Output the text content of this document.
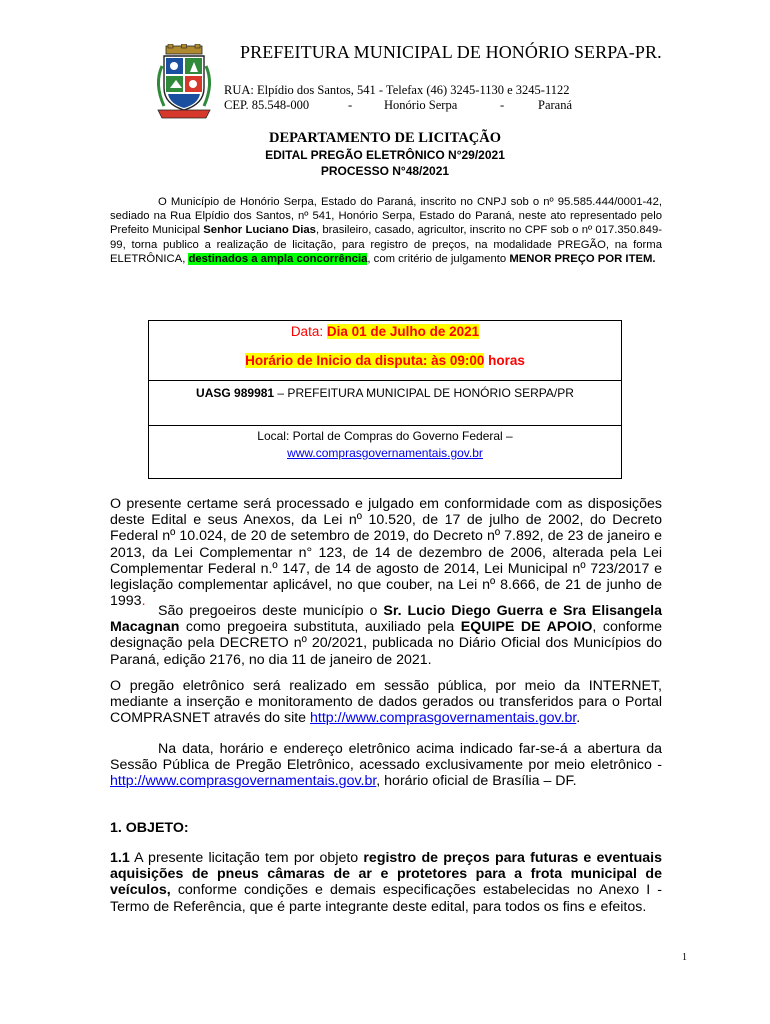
PREFEITURA MUNICIPAL DE HONÓRIO SERPA-PR.
RUA: Elpídio dos Santos, 541 - Telefax (46) 3245-1130 e 3245-1122
CEP. 85.548-000	-	Honório Serpa	-	Paraná
DEPARTAMENTO DE LICITAÇÃO
EDITAL PREGÃO ELETRÔNICO N°29/2021
PROCESSO N°48/2021
O Município de Honório Serpa, Estado do Paraná, inscrito no CNPJ sob o nº 95.585.444/0001-42, sediado na Rua Elpídio dos Santos, nº 541, Honório Serpa, Estado do Paraná, neste ato representado pelo Prefeito Municipal Senhor Luciano Dias, brasileiro, casado, agricultor, inscrito no CPF sob o nº 017.350.849-99, torna publico a realização de licitação, para registro de preços, na modalidade PREGÃO, na forma ELETRÔNICA, destinados a ampla concorrência, com critério de julgamento MENOR PREÇO POR ITEM.
Data: Dia 01 de Julho de 2021
Horário de Inicio da disputa: às 09:00 horas
UASG 989981 – PREFEITURA MUNICIPAL DE HONÓRIO SERPA/PR
Local: Portal de Compras do Governo Federal –
www.comprasgovernamentais.gov.br
O presente certame será processado e julgado em conformidade com as disposições deste Edital e seus Anexos, da Lei nº 10.520, de 17 de julho de 2002, do Decreto Federal nº 10.024, de 20 de setembro de 2019, do Decreto nº 7.892, de 23 de janeiro e 2013, da Lei Complementar n° 123, de 14 de dezembro de 2006, alterada pela Lei Complementar Federal n.º 147, de 14 de agosto de 2014, Lei Municipal nº 723/2017 e legislação complementar aplicável, no que couber, na Lei nº 8.666, de 21 de junho de 1993.
São pregoeiros deste município o Sr. Lucio Diego Guerra e Sra Elisangela Macagnan como pregoeira substituta, auxiliado pela EQUIPE DE APOIO, conforme designação pela DECRETO nº 20/2021, publicada no Diário Oficial dos Municípios do Paraná, edição 2176, no dia 11 de janeiro de 2021.
O pregão eletrônico será realizado em sessão pública, por meio da INTERNET, mediante a inserção e monitoramento de dados gerados ou transferidos para o Portal COMPRASNET através do site http://www.comprasgovernamentais.gov.br.
Na data, horário e endereço eletrônico acima indicado far-se-á a abertura da Sessão Pública de Pregão Eletrônico, acessado exclusivamente por meio eletrônico - http://www.comprasgovernamentais.gov.br, horário oficial de Brasília – DF.
1. OBJETO:
1.1 A presente licitação tem por objeto registro de preços para futuras e eventuais aquisições de pneus câmaras de ar e protetores para a frota municipal de veículos, conforme condições e demais especificações estabelecidas no Anexo I - Termo de Referência, que é parte integrante deste edital, para todos os fins e efeitos.
1
